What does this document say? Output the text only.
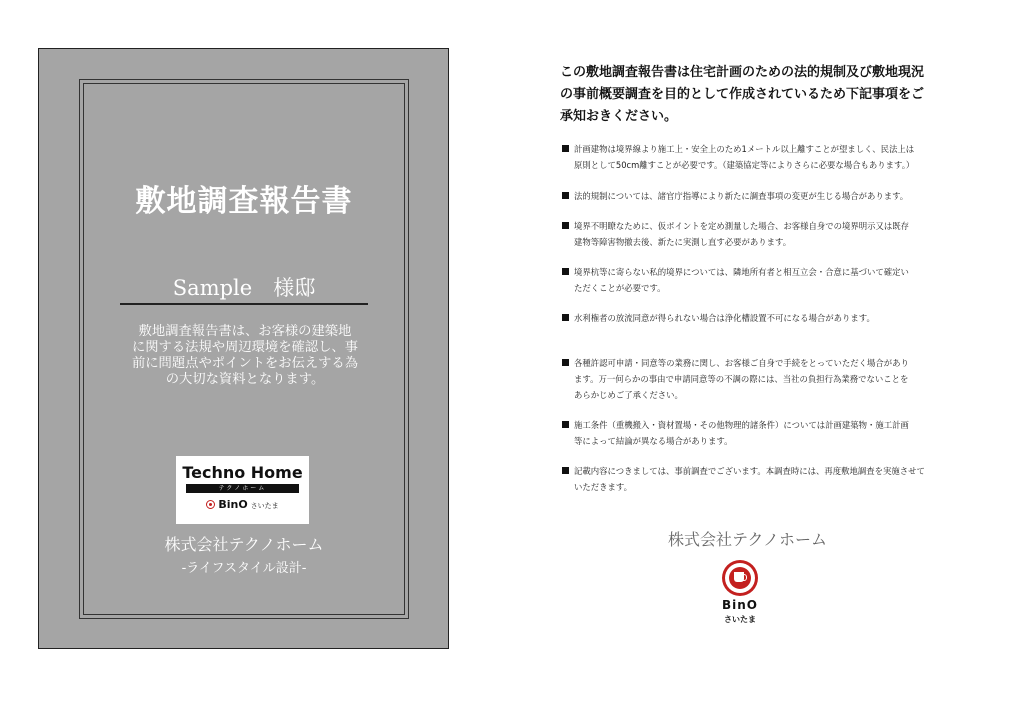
敷地調査報告書
Sample　様邸
敷地調査報告書は、お客様の建築地
に関する法規や周辺環境を確認し、事
前に問題点やポイントをお伝えする為
の大切な資料となります。
Techno Home
テクノホーム
BinO さいたま
株式会社テクノホーム
-ライフスタイル設計-
この敷地調査報告書は住宅計画のための法的規制及び敷地現況
の事前概要調査を目的として作成されているため下記事項をご
承知おきください。
計画建物は境界線より施工上・安全上のため1メートル以上離すことが望ましく、民法上は
原則として50cm離すことが必要です。（建築協定等によりさらに必要な場合もあります。）
法的規制については、諸官庁指導により新たに調査事項の変更が生じる場合があります。
境界不明瞭なために、仮ポイントを定め測量した場合、お客様自身での境界明示又は既存
建物等障害物撤去後、新たに実測し直す必要があります。
境界杭等に寄らない私的境界については、隣地所有者と相互立会・合意に基づいて確定い
ただくことが必要です。
水利権者の放流同意が得られない場合は浄化槽設置不可になる場合があります。
各種許認可申請・同意等の業務に関し、お客様ご自身で手続をとっていただく場合があり
ます。万一何らかの事由で申請同意等の不調の際には、当社の負担行為業務でないことを
あらかじめご了承ください。
施工条件（重機搬入・資材置場・その他物理的諸条件）については計画建築物・施工計画
等によって結論が異なる場合があります。
記載内容につきましては、事前調査でございます。本調査時には、再度敷地調査を実施させて
いただきます。
株式会社テクノホーム
BinO
さいたま
